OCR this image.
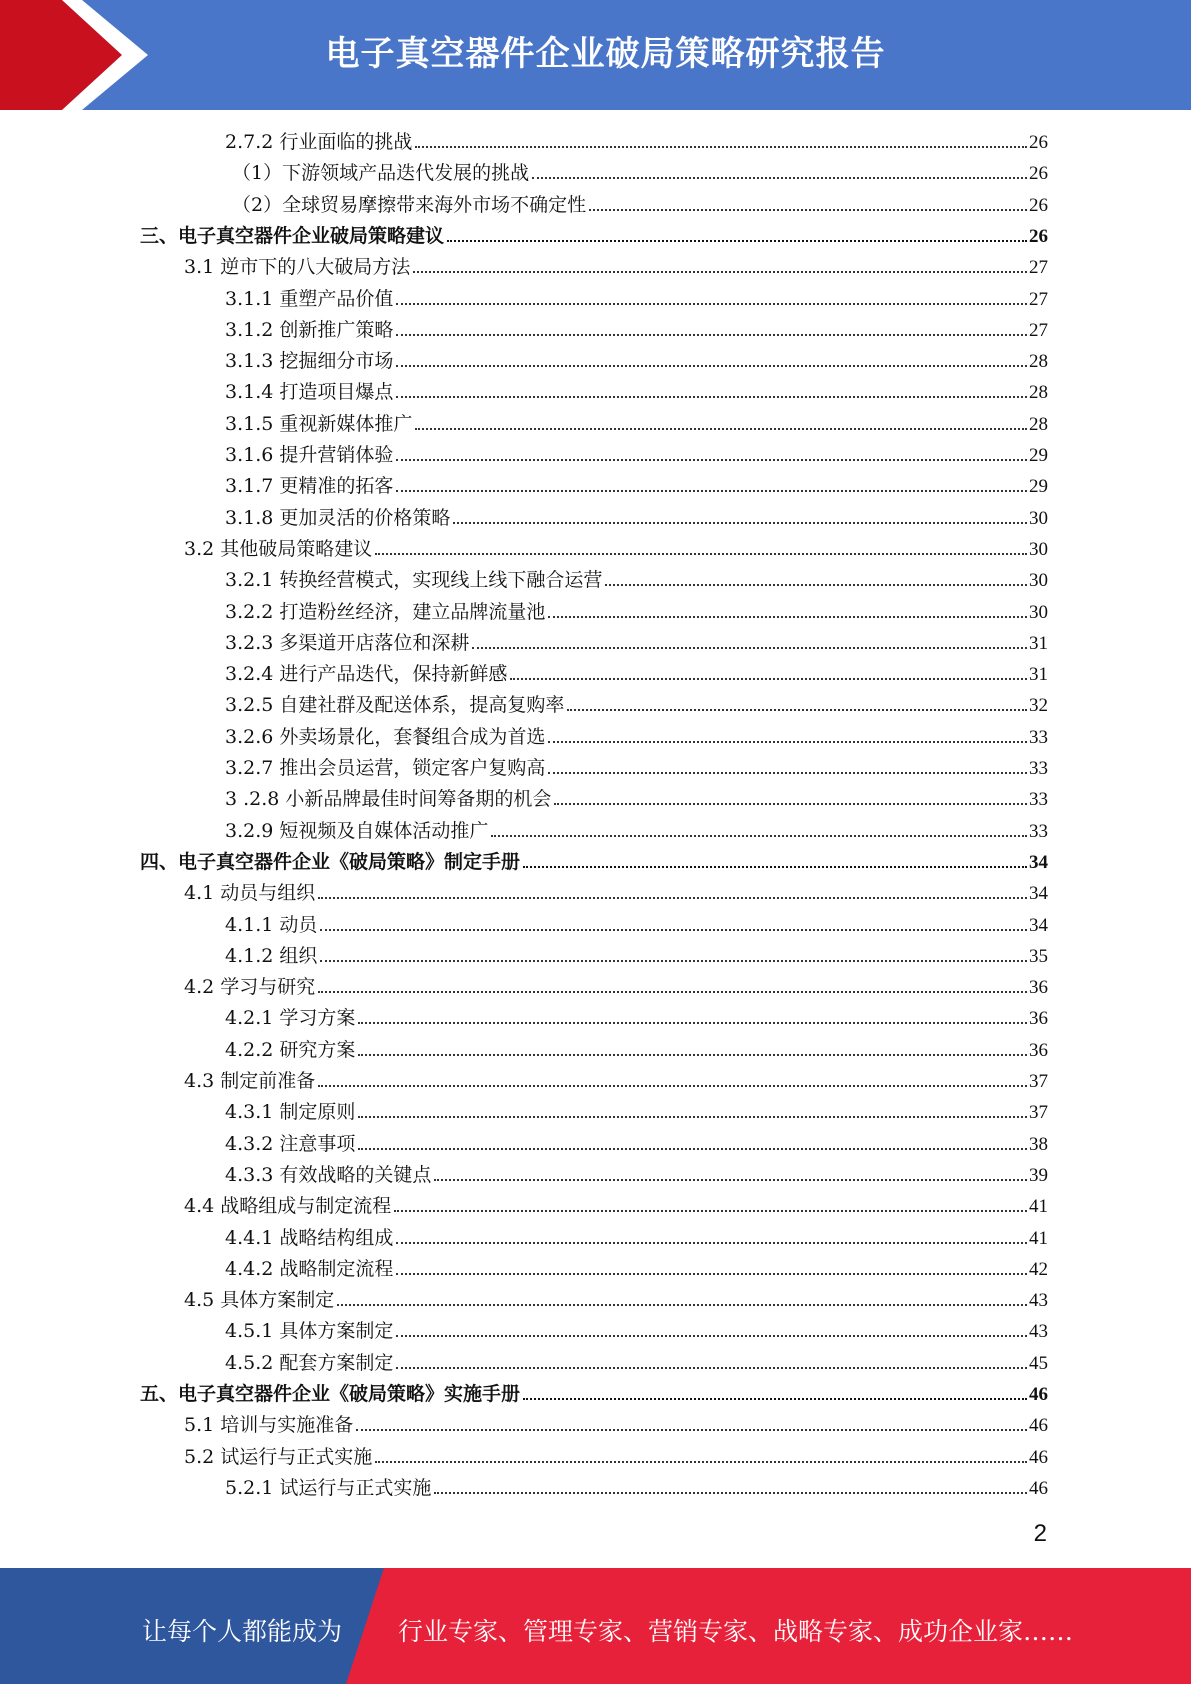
电子真空器件企业破局策略研究报告
2.7.2 行业面临的挑战	26
（1）下游领域产品迭代发展的挑战	26
（2）全球贸易摩擦带来海外市场不确定性	26
三、电子真空器件企业破局策略建议	26
3.1 逆市下的八大破局方法	27
3.1.1 重塑产品价值	27
3.1.2 创新推广策略	27
3.1.3 挖掘细分市场	28
3.1.4 打造项目爆点	28
3.1.5 重视新媒体推广	28
3.1.6 提升营销体验	29
3.1.7 更精准的拓客	29
3.1.8 更加灵活的价格策略	30
3.2 其他破局策略建议	30
3.2.1 转换经营模式，实现线上线下融合运营	30
3.2.2 打造粉丝经济，建立品牌流量池	30
3.2.3 多渠道开店落位和深耕	31
3.2.4 进行产品迭代，保持新鲜感	31
3.2.5 自建社群及配送体系，提高复购率	32
3.2.6 外卖场景化，套餐组合成为首选	33
3.2.7 推出会员运营，锁定客户复购高	33
3 .2.8 小新品牌最佳时间筹备期的机会	33
3.2.9 短视频及自媒体活动推广	33
四、电子真空器件企业《破局策略》制定手册	34
4.1 动员与组织	34
4.1.1 动员	34
4.1.2 组织	35
4.2 学习与研究	36
4.2.1 学习方案	36
4.2.2 研究方案	36
4.3 制定前准备	37
4.3.1 制定原则	37
4.3.2 注意事项	38
4.3.3 有效战略的关键点	39
4.4 战略组成与制定流程	41
4.4.1 战略结构组成	41
4.4.2 战略制定流程	42
4.5 具体方案制定	43
4.5.1 具体方案制定	43
4.5.2 配套方案制定	45
五、电子真空器件企业《破局策略》实施手册	46
5.1 培训与实施准备	46
5.2 试运行与正式实施	46
5.2.1 试运行与正式实施	46
2
让每个人都能成为 行业专家、管理专家、营销专家、战略专家、成功企业家……
